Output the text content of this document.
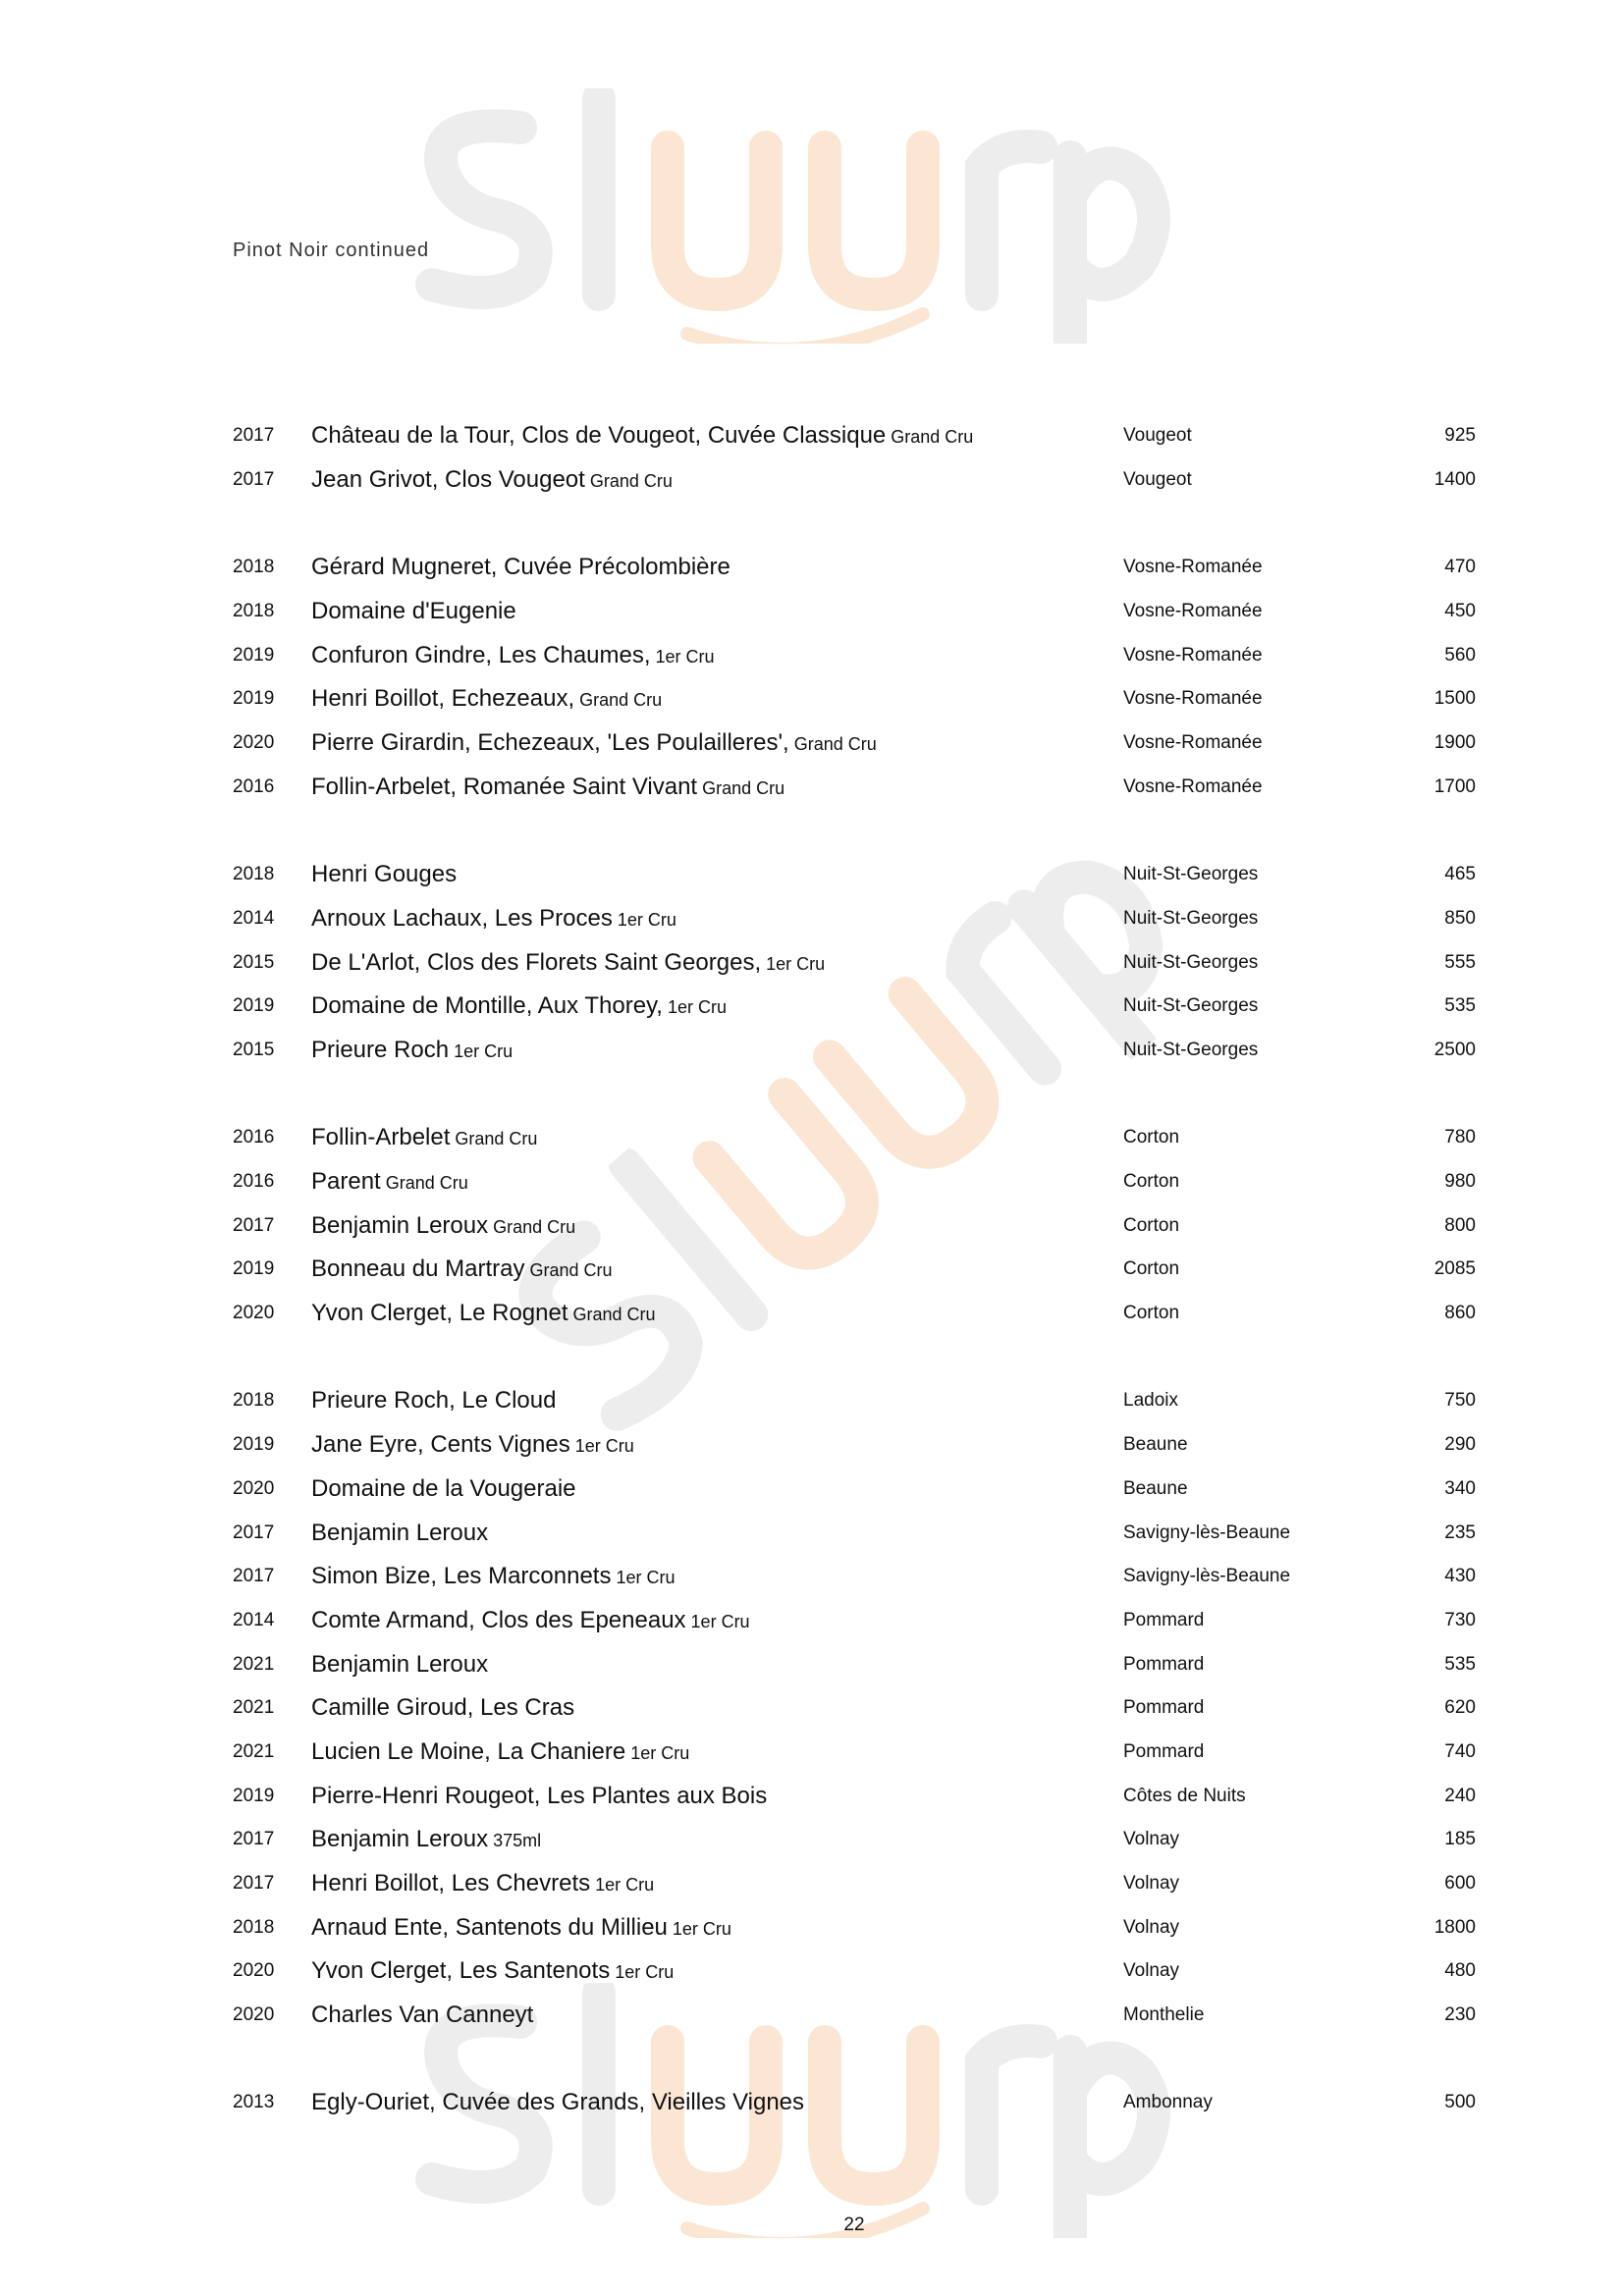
Pinot Noir continued
2017	Château de la Tour, Clos de Vougeot, Cuvée Classique Grand Cru	Vougeot	925
2017	Jean Grivot, Clos Vougeot Grand Cru	Vougeot	1400
2018	Gérard Mugneret, Cuvée Précolombière	Vosne-Romanée	470
2018	Domaine d'Eugenie	Vosne-Romanée	450
2019	Confuron Gindre, Les Chaumes, 1er Cru	Vosne-Romanée	560
2019	Henri Boillot, Echezeaux, Grand Cru	Vosne-Romanée	1500
2020	Pierre Girardin, Echezeaux, 'Les Poulailleres', Grand Cru	Vosne-Romanée	1900
2016	Follin-Arbelet, Romanée Saint Vivant Grand Cru	Vosne-Romanée	1700
2018	Henri Gouges	Nuit-St-Georges	465
2014	Arnoux Lachaux, Les Proces 1er Cru	Nuit-St-Georges	850
2015	De L'Arlot, Clos des Florets Saint Georges, 1er Cru	Nuit-St-Georges	555
2019	Domaine de Montille, Aux Thorey, 1er Cru	Nuit-St-Georges	535
2015	Prieure Roch 1er Cru	Nuit-St-Georges	2500
2016	Follin-Arbelet Grand Cru	Corton	780
2016	Parent Grand Cru	Corton	980
2017	Benjamin Leroux Grand Cru	Corton	800
2019	Bonneau du Martray Grand Cru	Corton	2085
2020	Yvon Clerget, Le Rognet Grand Cru	Corton	860
2018	Prieure Roch, Le Cloud	Ladoix	750
2019	Jane Eyre, Cents Vignes 1er Cru	Beaune	290
2020	Domaine de la Vougeraie	Beaune	340
2017	Benjamin Leroux	Savigny-lès-Beaune	235
2017	Simon Bize, Les Marconnets 1er Cru	Savigny-lès-Beaune	430
2014	Comte Armand, Clos des Epeneaux 1er Cru	Pommard	730
2021	Benjamin Leroux	Pommard	535
2021	Camille Giroud, Les Cras	Pommard	620
2021	Lucien Le Moine, La Chaniere 1er Cru	Pommard	740
2019	Pierre-Henri Rougeot, Les Plantes aux Bois	Côtes de Nuits	240
2017	Benjamin Leroux 375ml	Volnay	185
2017	Henri Boillot, Les Chevrets 1er Cru	Volnay	600
2018	Arnaud Ente, Santenots du Millieu 1er Cru	Volnay	1800
2020	Yvon Clerget, Les Santenots 1er Cru	Volnay	480
2020	Charles Van Canneyt	Monthelie	230
2013	Egly-Ouriet, Cuvée des Grands, Vieilles Vignes	Ambonnay	500
22
